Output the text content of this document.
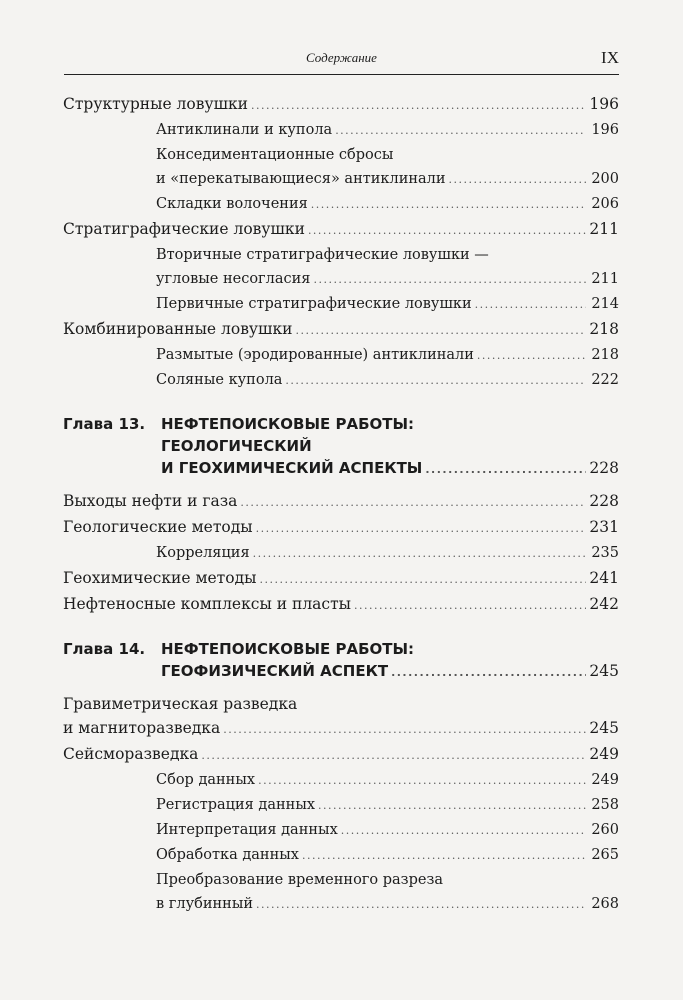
Содержание	IX
Структурные ловушки .....	196
Антиклинали и купола .....	196
Конседиментационные сбросы
и «перекатывающиеся» антиклинали .....	200
Складки волочения .....	206
Стратиграфические ловушки .....	211
Вторичные стратиграфические ловушки —
угловые несогласия .....	211
Первичные стратиграфические ловушки .....	214
Комбинированные ловушки .....	218
Размытые (эродированные) антиклинали .....	218
Соляные купола .....	222
Глава 13.	НЕФТЕПОИСКОВЫЕ РАБОТЫ:
ГЕОЛОГИЧЕСКИЙ
И ГЕОХИМИЧЕСКИЙ АСПЕКТЫ .....	228
Выходы нефти и газа .....	228
Геологические методы .....	231
Корреляция .....	235
Геохимические методы .....	241
Нефтеносные комплексы и пласты .....	242
Глава 14.	НЕФТЕПОИСКОВЫЕ РАБОТЫ:
ГЕОФИЗИЧЕСКИЙ АСПЕКТ .....	245
Гравиметрическая разведка
и магниторазведка .....	245
Сейсморазведка .....	249
Сбор данных .....	249
Регистрация данных .....	258
Интерпретация данных .....	260
Обработка данных .....	265
Преобразование временного разреза
в глубинный .....	268
